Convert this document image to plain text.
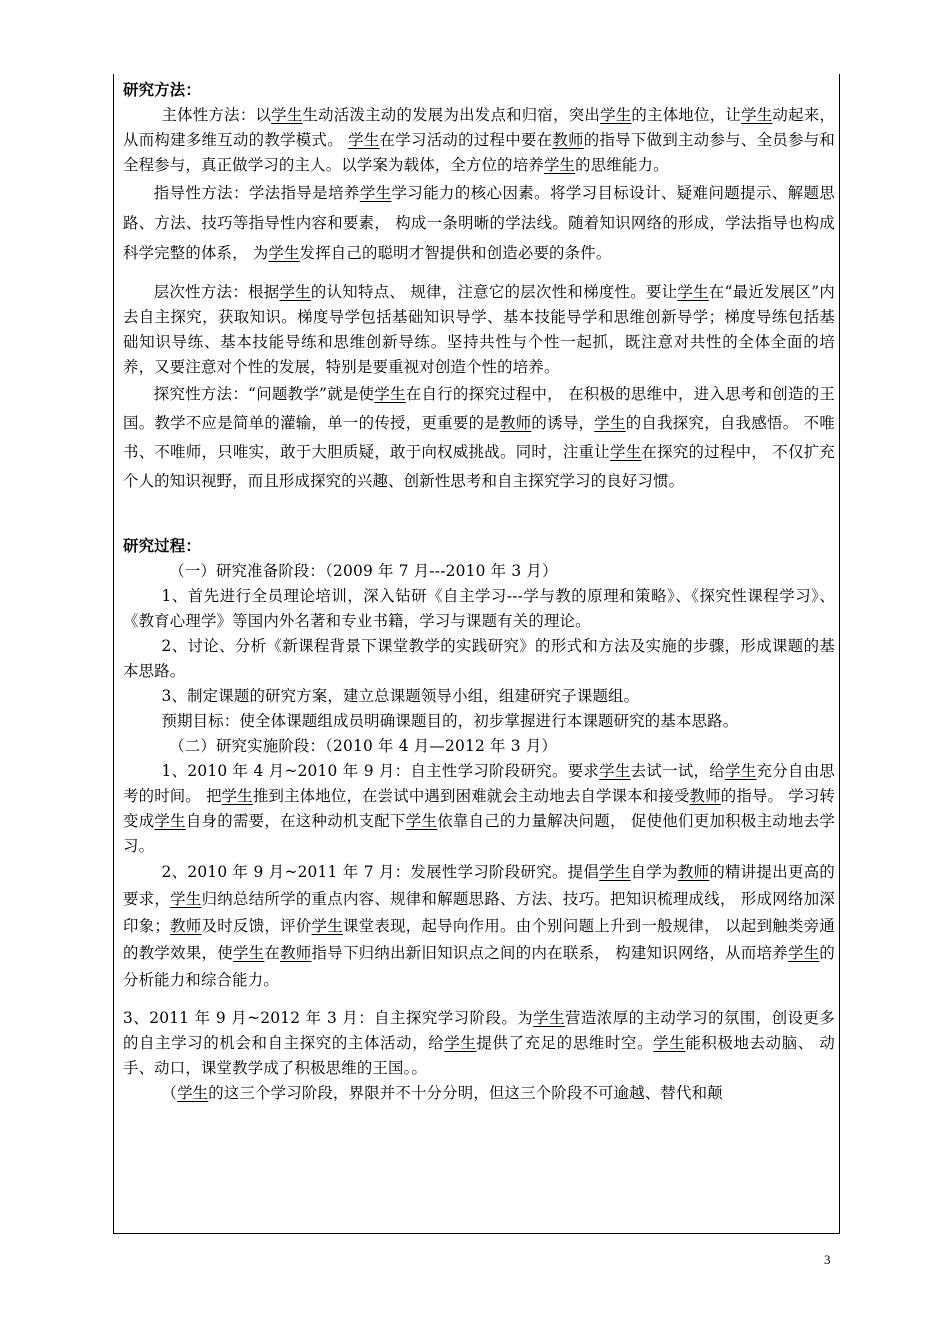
研究方法：

主体性方法：以学生生动活泼主动的发展为出发点和归宿，突出学生的主体地位，让学生动起来，从而构建多维互动的教学模式。 学生在学习活动的过程中要在教师的指导下做到主动参与、全员参与和全程参与，真正做学习的主人。以学案为载体，全方位的培养学生的思维能力。

指导性方法：学法指导是培养学生学习能力的核心因素。将学习目标设计、疑难问题提示、解题思路、方法、技巧等指导性内容和要素， 构成一条明晰的学法线。随着知识网络的形成，学法指导也构成科学完整的体系， 为学生发挥自己的聪明才智提供和创造必要的条件。

层次性方法：根据学生的认知特点、 规律，注意它的层次性和梯度性。要让学生在“最近发展区”内去自主探究，获取知识。梯度导学包括基础知识导学、基本技能导学和思维创新导学；梯度导练包括基础知识导练、基本技能导练和思维创新导练。坚持共性与个性一起抓，既注意对共性的全体全面的培养，又要注意对个性的发展，特别是要重视对创造个性的培养。

探究性方法：“问题教学”就是使学生在自行的探究过程中， 在积极的思维中，进入思考和创造的王国。教学不应是简单的灌输，单一的传授，更重要的是教师的诱导，学生的自我探究，自我感悟。 不唯书、不唯师，只唯实，敢于大胆质疑，敢于向权威挑战。同时，注重让学生在探究的过程中， 不仅扩充个人的知识视野，而且形成探究的兴趣、创新性思考和自主探究学习的良好习惯。

研究过程：

（一）研究准备阶段：（2009 年 7 月---2010 年 3 月）

1、首先进行全员理论培训，深入钻研《自主学习---学与教的原理和策略》、《探究性课程学习》、《教育心理学》等国内外名著和专业书籍，学习与课题有关的理论。

2、讨论、分析《新课程背景下课堂教学的实践研究》的形式和方法及实施的步骤，形成课题的基本思路。

3、制定课题的研究方案，建立总课题领导小组，组建研究子课题组。

预期目标：使全体课题组成员明确课题目的，初步掌握进行本课题研究的基本思路。

（二）研究实施阶段：（2010 年 4 月—2012 年 3 月）

1、2010 年 4 月~2010 年 9 月：自主性学习阶段研究。要求学生去试一试，给学生充分自由思考的时间。 把学生推到主体地位，在尝试中遇到困难就会主动地去自学课本和接受教师的指导。 学习转变成学生自身的需要，在这种动机支配下学生依靠自己的力量解决问题， 促使他们更加积极主动地去学习。

2、2010 年 9 月~2011 年 7 月：发展性学习阶段研究。提倡学生自学为教师的精讲提出更高的要求，学生归纳总结所学的重点内容、规律和解题思路、方法、技巧。把知识梳理成线， 形成网络加深印象；教师及时反馈，评价学生课堂表现，起导向作用。由个别问题上升到一般规律， 以起到触类旁通的教学效果，使学生在教师指导下归纳出新旧知识点之间的内在联系， 构建知识网络，从而培养学生的分析能力和综合能力。

3、2011 年 9 月~2012 年 3 月：自主探究学习阶段。为学生营造浓厚的主动学习的氛围，创设更多的自主学习的机会和自主探究的主体活动，给学生提供了充足的思维时空。学生能积极地去动脑、 动手、动口，课堂教学成了积极思维的王国。。

（学生的这三个学习阶段，界限并不十分分明，但这三个阶段不可逾越、替代和颠

3
